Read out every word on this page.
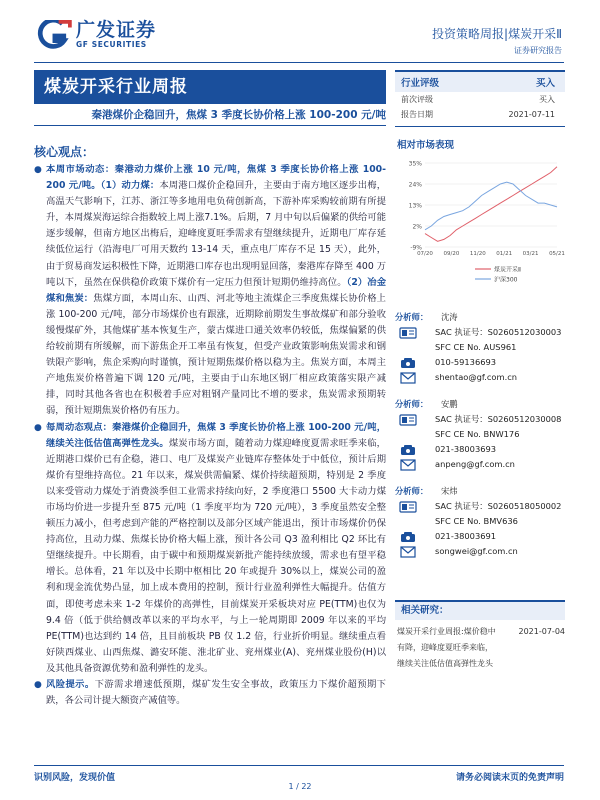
广发证券
GF SECURITIES
投资策略周报|煤炭开采Ⅱ
证券研究报告
煤炭开采行业周报
秦港煤价企稳回升，焦煤 3 季度长协价格上涨 100-200 元/吨
核心观点：
● 本周市场动态：秦港动力煤价上涨 10 元/吨，焦煤 3 季度长协价格上涨 100-200 元/吨。（1）动力煤：本周港口煤价企稳回升，主要由于南方地区逐步出梅，高温天气影响下，江苏、浙江等多地用电负荷创新高，下游补库采购较前期有所提升，本周煤炭海运综合指数较上周上涨7.1%。后期，7 月中旬以后偏紧的供给可能逐步缓解，但南方地区出梅后，迎峰度夏旺季需求有望继续提升，近期电厂库存延续低位运行（沿海电厂可用天数约 13-14 天，重点电厂库存不足 15 天），此外，由于贸易商发运积极性下降，近期港口库存也出现明显回落，秦港库存降至 400 万吨以下，虽然在保供稳价政策下煤价有一定压力但预计短期仍维持高位。（2）冶金煤和焦炭：焦煤方面，本周山东、山西、河北等地主流煤企三季度焦煤长协价格上涨 100-200 元/吨，部分市场煤价也有跟涨，近期除前期发生事故煤矿和部分验收缓慢煤矿外，其他煤矿基本恢复生产，蒙古煤进口通关效率仍较低，焦煤偏紧的供给较前期有所缓解，而下游焦企开工率虽有恢复，但受产业政策影响焦炭需求和钢铁限产影响，焦企采购向时谨慎，预计短期焦煤价格以稳为主。焦炭方面，本周主产地焦炭价格普遍下调 120 元/吨，主要由于山东地区钢厂相应政策落实限产减排，同时其他各省也在积极着手应对粗钢产量同比不增的要求，焦炭需求预期转弱，预计短期焦炭价格仍有压力。
● 每周动态观点：秦港煤价企稳回升，焦煤 3 季度长协价格上涨 100-200 元/吨，继续关注低估值高弹性龙头。煤炭市场方面，随着动力煤迎峰度夏需求旺季来临，近期港口煤价已有企稳，港口、电厂及煤炭产业链库存整体处于中低位，预计后期煤价有望维持高位。21 年以来，煤炭供需偏紧、煤价持续超预期，特别是 2 季度以来受管动力煤处于消费淡季但工业需求持续向好，2 季度港口 5500 大卡动力煤市场均价进一步提升至 875 元/吨（1 季度平均为 720 元/吨），3 季度虽然安全整顿压力减小，但考虑到产能的严格控制以及部分区域产能退出，预计市场煤价仍保持高位，且动力煤、焦煤长协价格大幅上涨，预计各公司 Q3 盈利相比 Q2 环比有望继续提升。中长期看，由于碳中和预期煤炭新批产能持续放缓，需求也有望平稳增长。总体看，21 年以及中长期中枢相比 20 年或提升 30%以上，煤炭公司的盈利和现金流优势凸显，加上成本费用的控制，预计行业盈利弹性大幅提升。估值方面，即使考虑未来 1-2 年煤价的高弹性，目前煤炭开采板块对应 PE(TTM)也仅为 9.4 倍（低于供给侧改革以来的平均水平，与上一轮周期即 2009 年以来的平均 PE(TTM)也达到约 14 倍，且目前板块 PB 仅 1.2 倍，行业折价明显。继续重点看好陕西煤业、山西焦煤、潞安环能、淮北矿业、兖州煤业(A)、兖州煤业股份(H)以及其他具备资源优势和盈利弹性的龙头。
● 风险提示。下游需求增速低预期，煤矿发生安全事故，政策压力下煤价超预期下跌，各公司计提大额资产减值等。
行业评级	买入
前次评级	买入
报告日期	2021-07-11
相对市场表现
35%
24%
13%
2%
-9%
07/20 09/20 11/20 01/21 03/21 05/21
煤炭开采Ⅱ
沪深300
分析师：	沈涛
SAC 执证号：S0260512030003
SFC CE No. AUS961
010-59136693
shentao@gf.com.cn
分析师：	安鹏
SAC 执证号：S0260512030008
SFC CE No. BNW176
021-38003693
anpeng@gf.com.cn
分析师：	宋炜
SAC 执证号：S0260518050002
SFC CE No. BMV636
021-38003691
songwei@gf.com.cn
相关研究：
煤炭开采行业周报:煤价稳中	2021-07-04
有降，迎峰度夏旺季来临，
继续关注低估值高弹性龙头
识别风险，发现价值	请务必阅读末页的免责声明
1 / 22
